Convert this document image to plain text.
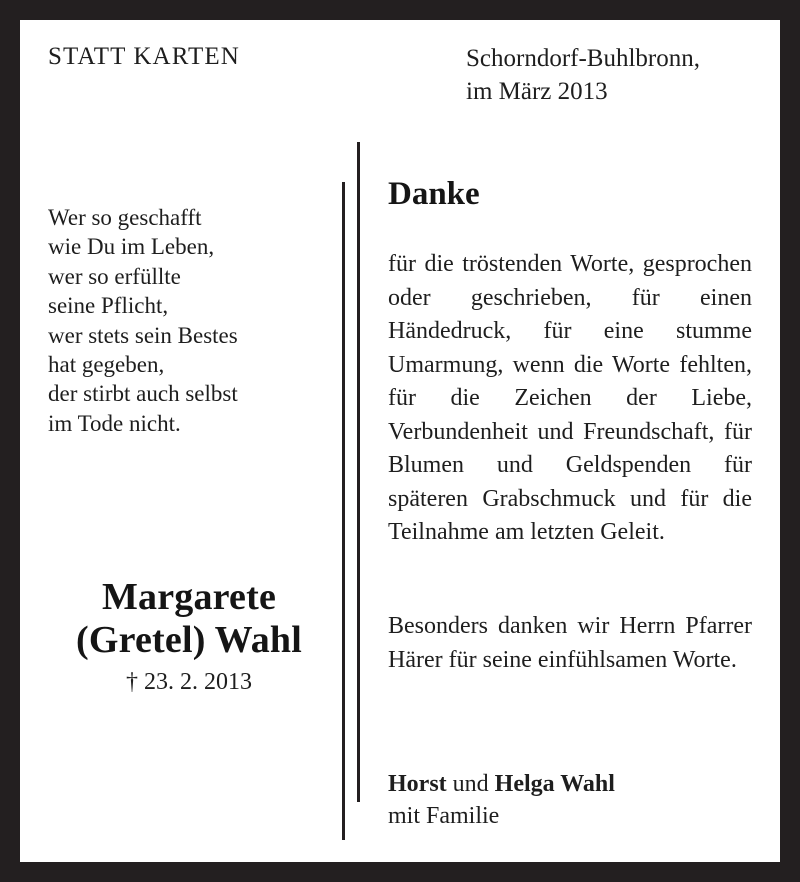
STATT KARTEN	Schorndorf-Buhlbronn,
im März 2013
Wer so geschafft
wie Du im Leben,
wer so erfüllte
seine Pflicht,
wer stets sein Bestes
hat gegeben,
der stirbt auch selbst
im Tode nicht.
Margarete
(Gretel) Wahl
† 23. 2. 2013
Danke
für die tröstenden Worte, gesprochen oder geschrieben, für einen Händedruck, für eine stumme Umarmung, wenn die Worte fehlten, für die Zeichen der Liebe, Verbundenheit und Freundschaft, für Blumen und Geldspenden für späteren Grabschmuck und für die Teilnahme am letzten Geleit.
Besonders danken wir Herrn Pfarrer Härer für seine einfühlsamen Worte.
Horst und Helga Wahl
mit Familie
